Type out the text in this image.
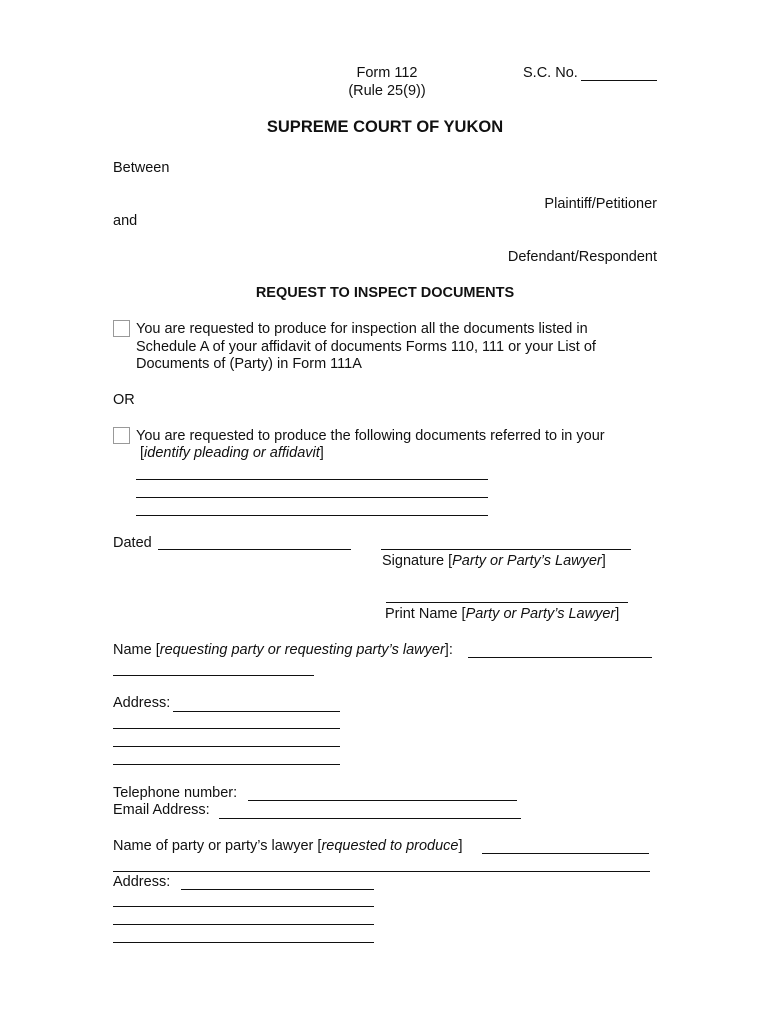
Form 112
(Rule 25(9))
S.C. No.
SUPREME COURT OF YUKON
Between
Plaintiff/Petitioner
and
Defendant/Respondent
REQUEST TO INSPECT DOCUMENTS
You are requested to produce for inspection all the documents listed in
Schedule A of your affidavit of documents Forms 110, 111 or your List of
Documents of (Party) in Form 111A
OR
You are requested to produce the following documents referred to in your
[identify pleading or affidavit]
Dated
Signature [Party or Party’s Lawyer]
Print Name [Party or Party’s Lawyer]
Name [requesting party or requesting party’s lawyer]:
Address:
Telephone number:
Email Address:
Name of party or party’s lawyer [requested to produce]
Address:
